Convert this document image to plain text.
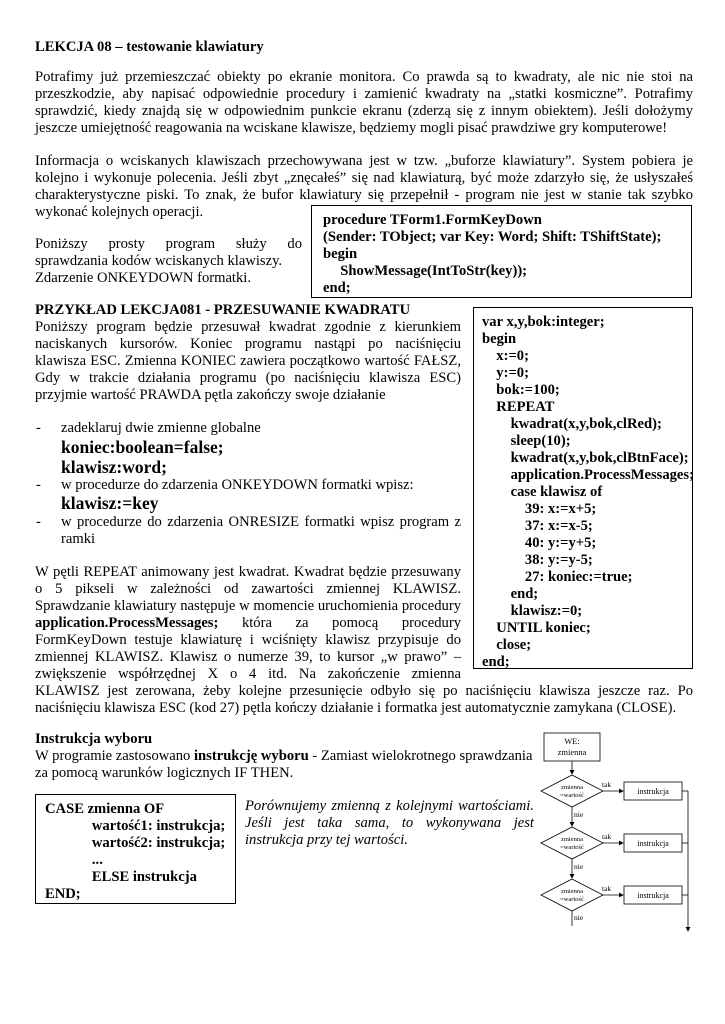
LEKCJA 08 – testowanie klawiatury
Potrafimy już przemieszczać obiekty po ekranie monitora. Co prawda są to kwadraty, ale nic nie stoi na
przeszkodzie, aby napisać odpowiednie procedury i zamienić kwadraty na „statki kosmiczne”. Potrafimy
sprawdzić, kiedy znajdą się w odpowiednim punkcie ekranu (zderzą się z innym obiektem). Jeśli dołożymy
jeszcze umiejętność reagowania na wciskane klawisze, będziemy mogli pisać prawdziwe gry komputerowe!
Informacja o wciskanych klawiszach przechowywana jest w tzw. „buforze klawiatury”. System pobiera je
kolejno i wykonuje polecenia. Jeśli zbyt „znęcałeś” się nad klawiaturą, być może zdarzyło się, że usłyszałeś
charakterystyczne piski. To znak, że bufor klawiatury się przepełnił - program nie jest w stanie tak szybko
wykonać kolejnych operacji.
Poniższy prosty program służy do
sprawdzania kodów wciskanych klawiszy.
Zdarzenie ONKEYDOWN formatki.
procedure TForm1.FormKeyDown
(Sender: TObject; var Key: Word; Shift: TShiftState);
begin
ShowMessage(IntToStr(key));
end;
PRZYKŁAD LEKCJA081 - PRZESUWANIE KWADRATU
Poniższy program będzie przesuwał kwadrat zgodnie z kierunkiem
naciskanych kursorów. Koniec programu nastąpi po naciśnięciu
klawisza ESC. Zmienna KONIEC zawiera początkowo wartość FAŁSZ,
Gdy w trakcie działania programu (po naciśnięciu klawisza ESC)
przyjmie wartość PRAWDA pętla zakończy swoje działanie
- zadeklaruj dwie zmienne globalne
koniec:boolean=false;
klawisz:word;
- w procedurze do zdarzenia ONKEYDOWN formatki wpisz:
klawisz:=key
- w procedurze do zdarzenia ONRESIZE formatki wpisz program z
ramki
var x,y,bok:integer;
begin
x:=0;
y:=0;
bok:=100;
REPEAT
kwadrat(x,y,bok,clRed);
sleep(10);
kwadrat(x,y,bok,clBtnFace);
application.ProcessMessages;
case klawisz of
39: x:=x+5;
37: x:=x-5;
40: y:=y+5;
38: y:=y-5;
27: koniec:=true;
end;
klawisz:=0;
UNTIL koniec;
close;
end;
W pętli REPEAT animowany jest kwadrat. Kwadrat będzie przesuwany
o 5 pikseli w zależności od zawartości zmiennej KLAWISZ.
Sprawdzanie klawiatury następuje w momencie uruchomienia procedury
application.ProcessMessages; która za pomocą procedury
FormKeyDown testuje klawiaturę i wciśnięty klawisz przypisuje do
zmiennej KLAWISZ. Klawisz o numerze 39, to kursor „w prawo” –
zwiększenie współrzędnej X o 4 itd. Na zakończenie zmienna
KLAWISZ jest zerowana, żeby kolejne przesunięcie odbyło się po naciśnięciu klawisza jeszcze raz. Po
naciśnięciu klawisza ESC (kod 27) pętla kończy działanie i formatka jest automatycznie zamykana (CLOSE).
Instrukcja wyboru
W programie zastosowano instrukcję wyboru - Zamiast wielokrotnego sprawdzania
za pomocą warunków logicznych IF THEN.
CASE zmienna OF
wartość1: instrukcja;
wartość2: instrukcja;
...
ELSE instrukcja
END;
Porównujemy zmienną z kolejnymi wartościami.
Jeśli jest taka sama, to wykonywana jest
instrukcja przy tej wartości.
WE:
zmienna
zmienna
=wartość
tak
instrukcja
nie
zmienna
=wartość
tak
instrukcja
nie
zmienna
=wartość
tak
instrukcja
nie
